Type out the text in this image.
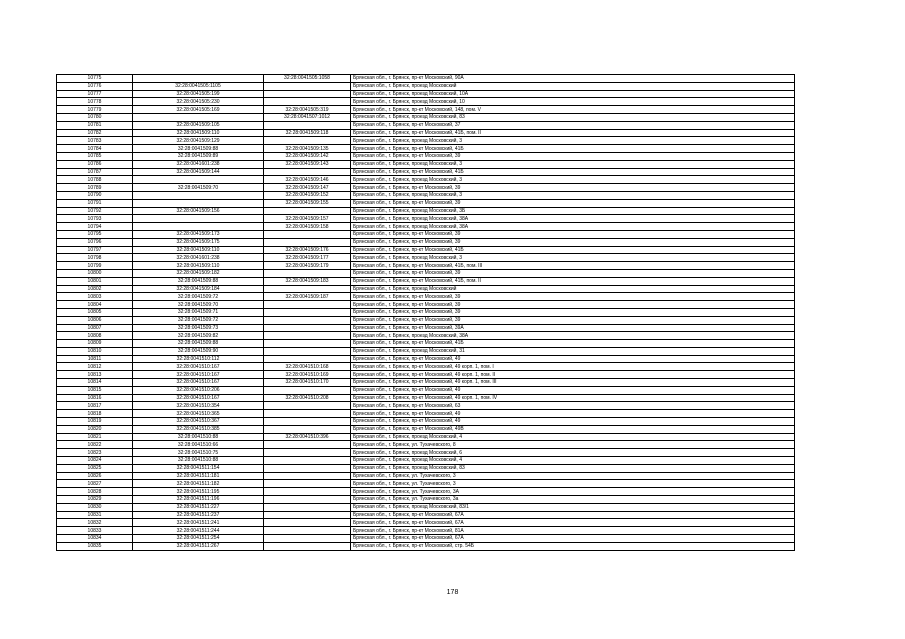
10775		32:28:0041505:1058	Брянская обл., г. Брянск, пр-кт Московский, 90А
10776	32:28:0041505:1105		Брянская обл., г. Брянск, проезд Московский
10777	32:28:0041505:199		Брянская обл., г. Брянск, проезд Московский, 10А
10778	32:28:0041505:230		Брянская обл., г. Брянск, проезд Московский, 10
10779	32:28:0041505:169	32:28:0041505:319	Брянская обл., г. Брянск, пр-кт Московский, 148, пом. V
10780		32:28:0041507:1012	Брянская обл., г. Брянск, проезд Московский, 83
10781	32:28:0041509:105		Брянская обл., г. Брянск, пр-кт Московский, 37
10782	32:28:0041509:110	32:28:0041509:118	Брянская обл., г. Брянск, пр-кт Московский, 41Б, пом. II
10783	32:28:0041509:129		Брянская обл., г. Брянск, проезд Московский, 3
10784	32:28:0041509:88	32:28:0041509:135	Брянская обл., г. Брянск, пр-кт Московский, 41Б
10785	32:28:0041509:89	32:28:0041509:142	Брянская обл., г. Брянск, пр-кт Московский, 39
10786	32:28:0041601:238	32:28:0041509:143	Брянская обл., г. Брянск, проезд Московский, 3
10787	32:28:0041509:144		Брянская обл., г. Брянск, пр-кт Московский, 41Б
10788		32:28:0041509:146	Брянская обл., г. Брянск, проезд Московский, 3
10789	32:28:0041509:70	32:28:0041509:147	Брянская обл., г. Брянск, пр-кт Московский, 39
10790		32:28:0041509:152	Брянская обл., г. Брянск, проезд Московский, 3
10791		32:28:0041509:155	Брянская обл., г. Брянск, пр-кт Московский, 39
10792	32:28:0041509:156		Брянская обл., г. Брянск, проезд Московский, 3Б
10793		32:28:0041509:157	Брянская обл., г. Брянск, проезд Московский, 38А
10794		32:28:0041509:158	Брянская обл., г. Брянск, проезд Московский, 38А
10795	32:28:0041509:173		Брянская обл., г. Брянск, пр-кт Московский, 39
10796	32:28:0041509:175		Брянская обл., г. Брянск, пр-кт Московский, 39
10797	32:28:0041509:110	32:28:0041509:176	Брянская обл., г. Брянск, пр-кт Московский, 41Б
10798	32:28:0041601:238	32:28:0041509:177	Брянская обл., г. Брянск, проезд Московский, 3
10799	32:28:0041509:110	32:28:0041509:179	Брянская обл., г. Брянск, пр-кт Московский, 41Б, пом. III
10800	32:28:0041509:182		Брянская обл., г. Брянск, пр-кт Московский, 39
10801	32:28:0041509:88	32:28:0041509:183	Брянская обл., г. Брянск, пр-кт Московский, 41Б, пом. II
10802	32:28:0041509:184		Брянская обл., г. Брянск, проезд Московский
10803	32:28:0041509:72	32:28:0041509:187	Брянская обл., г. Брянск, пр-кт Московский, 39
10804	32:28:0041509:70		Брянская обл., г. Брянск, пр-кт Московский, 39
10805	32:28:0041509:71		Брянская обл., г. Брянск, пр-кт Московский, 39
10806	32:28:0041509:72		Брянская обл., г. Брянск, пр-кт Московский, 39
10807	32:28:0041509:73		Брянская обл., г. Брянск, пр-кт Московский, 39А
10808	32:28:0041509:82		Брянская обл., г. Брянск, проезд Московский, 38А
10809	32:28:0041509:88		Брянская обл., г. Брянск, пр-кт Московский, 41Б
10810	32:28:0041509:90		Брянская обл., г. Брянск, проезд Московский, 31
10811	32:28:0041510:112		Брянская обл., г. Брянск, пр-кт Московский, 49
10812	32:28:0041510:167	32:28:0041510:168	Брянская обл., г. Брянск, пр-кт Московский, 49 корп. 1, пом. I
10813	32:28:0041510:167	32:28:0041510:169	Брянская обл., г. Брянск, пр-кт Московский, 49 корп. 1, пом. II
10814	32:28:0041510:167	32:28:0041510:170	Брянская обл., г. Брянск, пр-кт Московский, 49 корп. 1, пом. III
10815	32:28:0041510:206		Брянская обл., г. Брянск, пр-кт Московский, 49
10816	32:28:0041510:167	32:28:0041510:208	Брянская обл., г. Брянск, пр-кт Московский, 49 корп. 1, пом. IV
10817	32:28:0041510:354		Брянская обл., г. Брянск, пр-кт Московский, 63
10818	32:28:0041510:365		Брянская обл., г. Брянск, пр-кт Московский, 49
10819	32:28:0041510:367		Брянская обл., г. Брянск, пр-кт Московский, 49
10820	32:28:0041510:385		Брянская обл., г. Брянск, пр-кт Московский, 49В
10821	32:28:0041510:88	32:28:0041510:396	Брянская обл., г. Брянск, проезд Московский, 4
10822	32:28:0041510:66		Брянская обл., г. Брянск, ул. Тухачевского, 8
10823	32:28:0041510:75		Брянская обл., г. Брянск, проезд Московский, 6
10824	32:28:0041510:88		Брянская обл., г. Брянск, проезд Московский, 4
10825	32:28:0041511:154		Брянская обл., г. Брянск, проезд Московский, 83
10826	32:28:0041511:181		Брянская обл., г. Брянск, ул. Тухачевского, 3
10827	32:28:0041511:182		Брянская обл., г. Брянск, ул. Тухачевского, 3
10828	32:28:0041511:195		Брянская обл., г. Брянск, ул. Тухачевского, 3А
10829	32:28:0041511:196		Брянская обл., г. Брянск, ул. Тухачевского, 3а
10830	32:28:0041511:227		Брянская обл., г. Брянск, проезд Московский, 83/1
10831	32:28:0041511:237		Брянская обл., г. Брянск, пр-кт Московский, 67А
10832	32:28:0041511:241		Брянская обл., г. Брянск, пр-кт Московский, 67А
10833	32:28:0041511:244		Брянская обл., г. Брянск, пр-кт Московский, 81А
10834	32:28:0041511:254		Брянская обл., г. Брянск, пр-кт Московский, 67А
10835	32:28:0041511:267		Брянская обл., г. Брянск, пр-кт Московский, стр. 54Б
178
